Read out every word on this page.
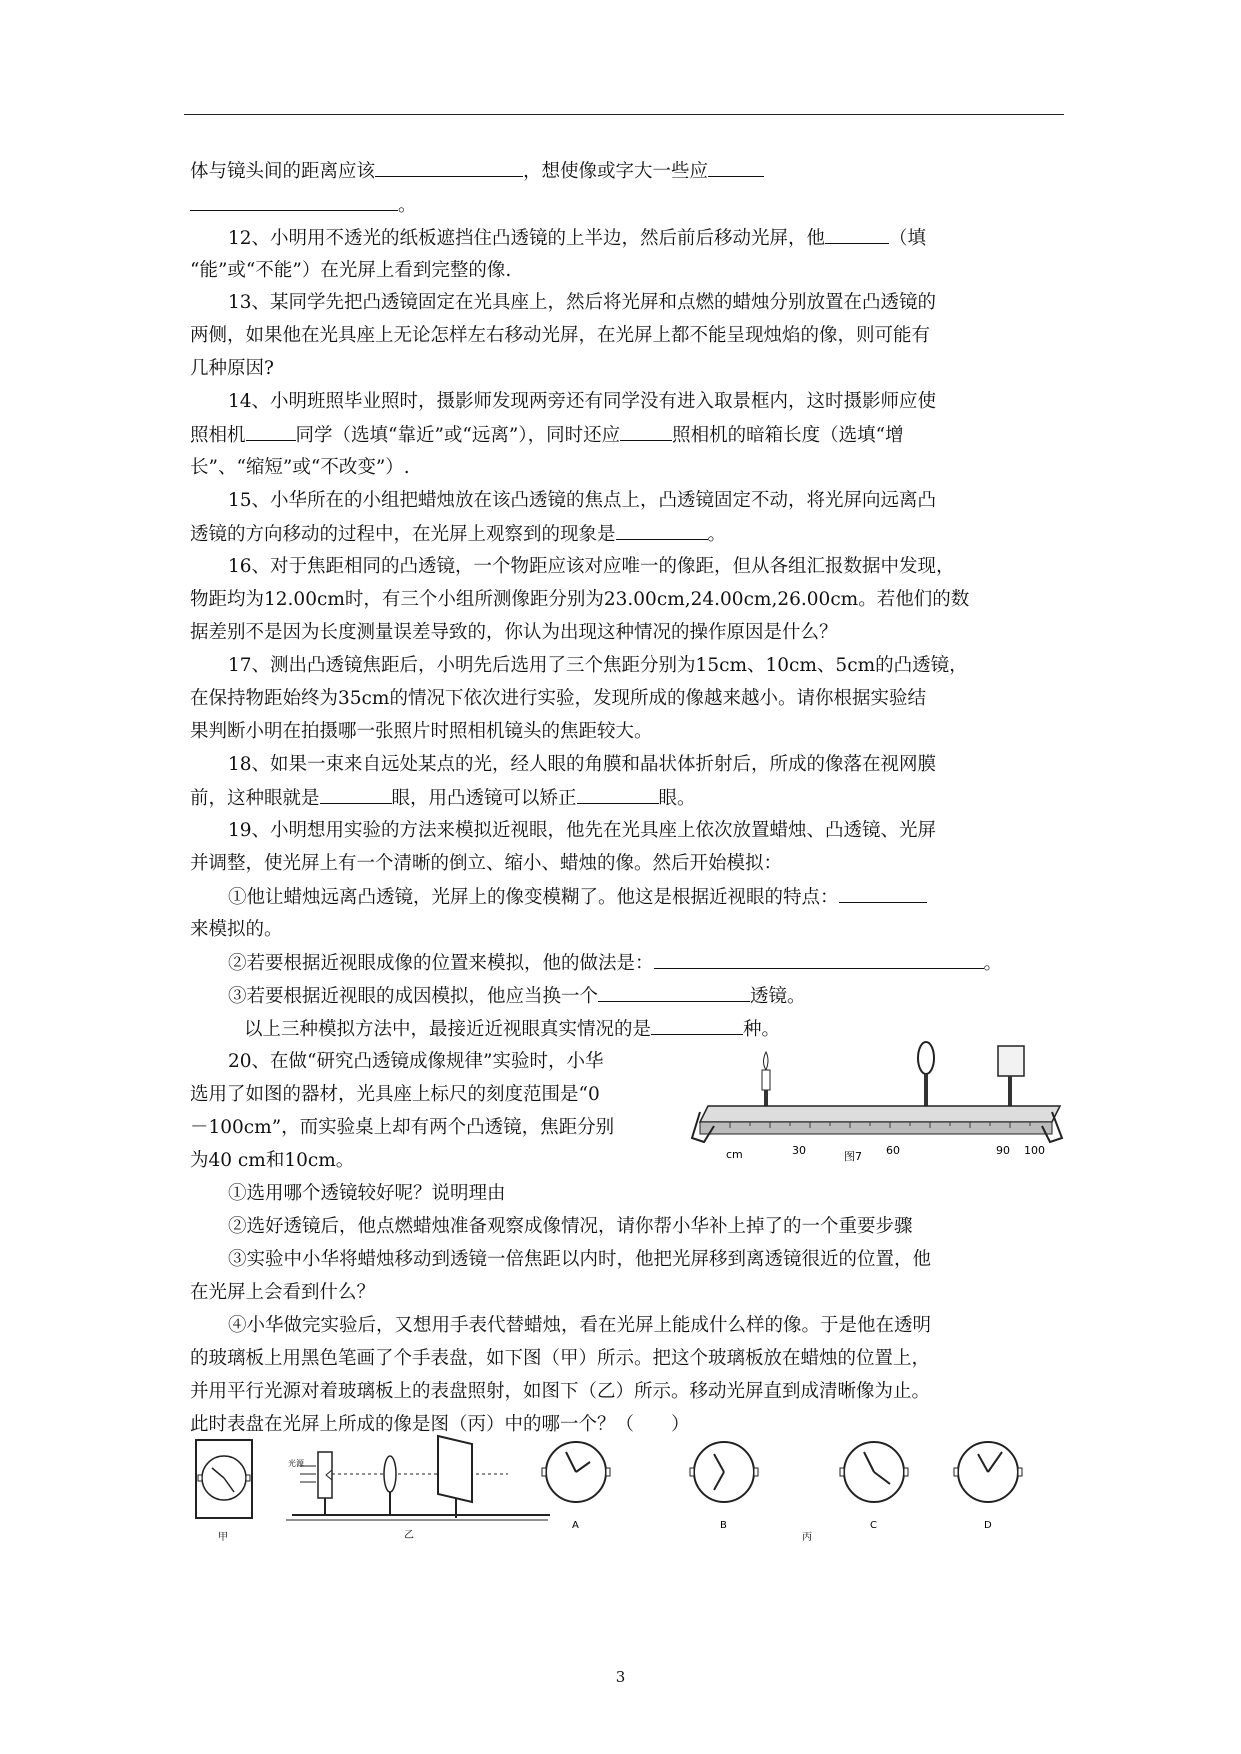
体与镜头间的距离应该	，想使像或字大一些应
。
12、小明用不透光的纸板遮挡住凸透镜的上半边，然后前后移动光屏，他	（填
“能”或“不能”）在光屏上看到完整的像.
13、某同学先把凸透镜固定在光具座上，然后将光屏和点燃的蜡烛分别放置在凸透镜的
两侧，如果他在光具座上无论怎样左右移动光屏，在光屏上都不能呈现烛焰的像，则可能有
几种原因?
14、小明班照毕业照时，摄影师发现两旁还有同学没有进入取景框内，这时摄影师应使
照相机	同学（选填“靠近”或“远离”），同时还应	照相机的暗箱长度（选填“增
长”、“缩短”或“不改变”）.
15、小华所在的小组把蜡烛放在该凸透镜的焦点上，凸透镜固定不动，将光屏向远离凸
透镜的方向移动的过程中，在光屏上观察到的现象是	。
16、对于焦距相同的凸透镜，一个物距应该对应唯一的像距，但从各组汇报数据中发现，
物距均为12.00cm时，有三个小组所测像距分别为23.00cm,24.00cm,26.00cm。若他们的数
据差别不是因为长度测量误差导致的，你认为出现这种情况的操作原因是什么？
17、测出凸透镜焦距后，小明先后选用了三个焦距分别为15cm、10cm、5cm的凸透镜，
在保持物距始终为35cm的情况下依次进行实验，发现所成的像越来越小。请你根据实验结
果判断小明在拍摄哪一张照片时照相机镜头的焦距较大。
18、如果一束来自远处某点的光，经人眼的角膜和晶状体折射后，所成的像落在视网膜
前，这种眼就是	眼，用凸透镜可以矫正	眼。
19、小明想用实验的方法来模拟近视眼，他先在光具座上依次放置蜡烛、凸透镜、光屏
并调整，使光屏上有一个清晰的倒立、缩小、蜡烛的像。然后开始模拟：
①他让蜡烛远离凸透镜，光屏上的像变模糊了。他这是根据近视眼的特点：
来模拟的。
②若要根据近视眼成像的位置来模拟，他的做法是：	。
③若要根据近视眼的成因模拟，他应当换一个	透镜。
以上三种模拟方法中，最接近近视眼真实情况的是	种。
20、在做“研究凸透镜成像规律”实验时，小华
选用了如图的器材，光具座上标尺的刻度范围是“0
－100cm”，而实验桌上却有两个凸透镜，焦距分别
为40 cm和10cm。
①选用哪个透镜较好呢？说明理由
②选好透镜后，他点燃蜡烛准备观察成像情况，请你帮小华补上掉了的一个重要步骤
③实验中小华将蜡烛移动到透镜一倍焦距以内时，他把光屏移到离透镜很近的位置，他
在光屏上会看到什么？
④小华做完实验后，又想用手表代替蜡烛，看在光屏上能成什么样的像。于是他在透明
的玻璃板上用黑色笔画了个手表盘，如下图（甲）所示。把这个玻璃板放在蜡烛的位置上，
并用平行光源对着玻璃板上的表盘照射，如图下（乙）所示。移动光屏直到成清晰像为止。
此时表盘在光屏上所成的像是图（丙）中的哪一个？（　　）
cm	30	图7 60	90 100
甲
光源
乙
A	B
丙
C	D
3
